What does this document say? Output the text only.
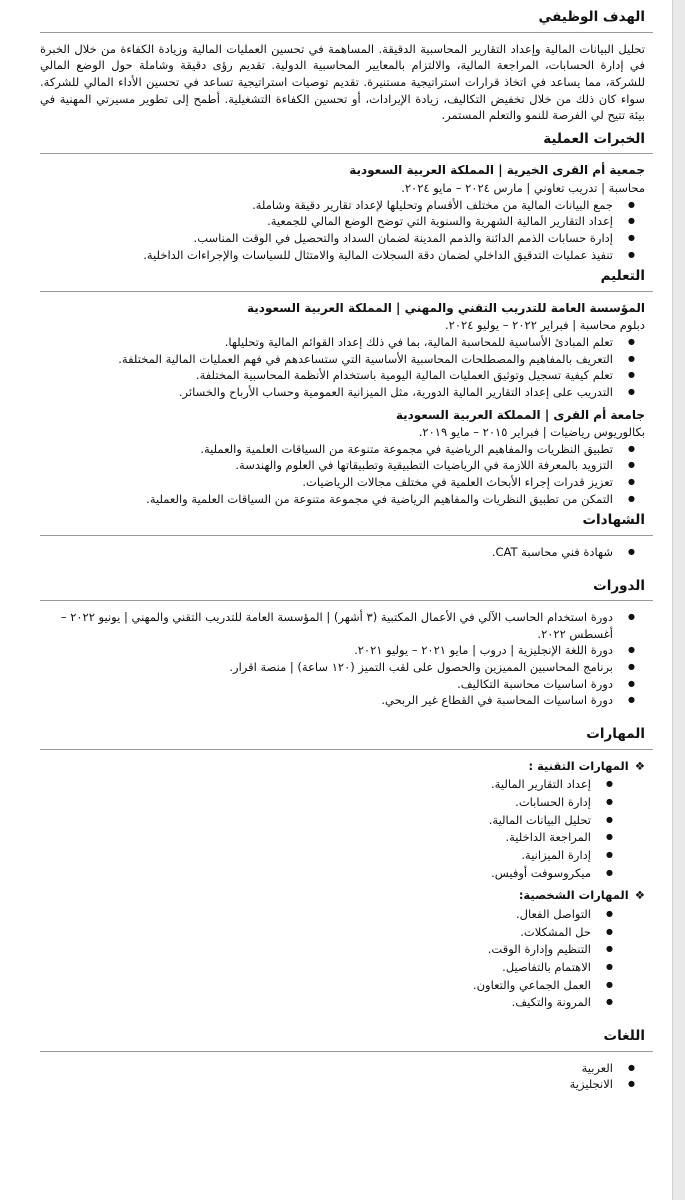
الهدف الوظيفي

تحليل البيانات المالية وإعداد التقارير المحاسبية الدقيقة. المساهمة في تحسين العمليات المالية وزيادة الكفاءة من خلال الخبرة في إدارة الحسابات، المراجعة المالية، والالتزام بالمعايير المحاسبية الدولية. تقديم رؤى دقيقة وشاملة حول الوضع المالي للشركة، مما يساعد في اتخاذ قرارات استراتيجية مستنيرة. تقديم توصيات استراتيجية تساعد في تحسين الأداء المالي للشركة. سواء كان ذلك من خلال تخفيض التكاليف، زيادة الإيرادات، أو تحسين الكفاءة التشغيلية. أطمح إلى تطوير مسيرتي المهنية في بيئة تتيح لي الفرصة للنمو والتعلم المستمر.

الخبرات العملية
جمعية أم القرى الخيرية | المملكة العربية السعودية
محاسبة | تدريب تعاوني | مارس ٢٠٢٤ – مايو ٢٠٢٤.
● جمع البيانات المالية من مختلف الأقسام وتحليلها لإعداد تقارير دقيقة وشاملة.
● إعداد التقارير المالية الشهرية والسنوية التي توضح الوضع المالي للجمعية.
● إدارة حسابات الذمم الدائنة والذمم المدينة لضمان السداد والتحصيل في الوقت المناسب.
● تنفيذ عمليات التدقيق الداخلي لضمان دقة السجلات المالية والامتثال للسياسات والإجراءات الداخلية.
التعليم
المؤسسة العامة للتدريب التقني والمهني | المملكة العربية السعودية
دبلوم محاسبة | فبراير ٢٠٢٢ – يوليو ٢٠٢٤.
● تعلم المبادئ الأساسية للمحاسبة المالية، بما في ذلك إعداد القوائم المالية وتحليلها.
● التعريف بالمفاهيم والمصطلحات المحاسبية الأساسية التي ستساعدهم في فهم العمليات المالية المختلفة.
● تعلم كيفية تسجيل وتوثيق العمليات المالية اليومية باستخدام الأنظمة المحاسبية المختلفة.
● التدريب على إعداد التقارير المالية الدورية، مثل الميزانية العمومية وحساب الأرباح والخسائر.
جامعة أم القرى | المملكة العربية السعودية
بكالوريوس رياضيات | فبراير ٢٠١٥ – مايو ٢٠١٩.
● تطبيق النظريات والمفاهيم الرياضية في مجموعة متنوعة من السياقات العلمية والعملية.
● التزويد بالمعرفة اللازمة في الرياضيات التطبيقية وتطبيقاتها في العلوم والهندسة.
● تعزيز قدرات إجراء الأبحاث العلمية في مختلف مجالات الرياضيات.
● التمكن من تطبيق النظريات والمفاهيم الرياضية في مجموعة متنوعة من السياقات العلمية والعملية.
الشهادات
● شهادة فني محاسبة CAT.
الدورات
● دورة استخدام الحاسب الآلي في الأعمال المكتبية (٣ أشهر) | المؤسسة العامة للتدريب التقني والمهني | يونيو ٢٠٢٢ – أغسطس ٢٠٢٢.
● دورة اللغة الإنجليزية | دروب | مايو ٢٠٢١ – يوليو ٢٠٢١.
● برنامج المحاسبين المميزين والحصول على لقب التميز (١٢٠ ساعة) | منصة اقرار.
● دورة اساسيات محاسبة التكاليف.
● دورة اساسيات المحاسبة في القطاع غير الربحي.
المهارات
❖المهارات التقنية :
● إعداد التقارير المالية.
● إدارة الحسابات.
● تحليل البيانات المالية.
● المراجعة الداخلية.
● إدارة الميزانية.
● ميكروسوفت أوفيس.
❖المهارات الشخصية:
● التواصل الفعال.
● حل المشكلات.
● التنظيم وإدارة الوقت.
● الاهتمام بالتفاصيل.
● العمل الجماعي والتعاون.
● المرونة والتكيف.
اللغات
● العربية
● الانجليزية
